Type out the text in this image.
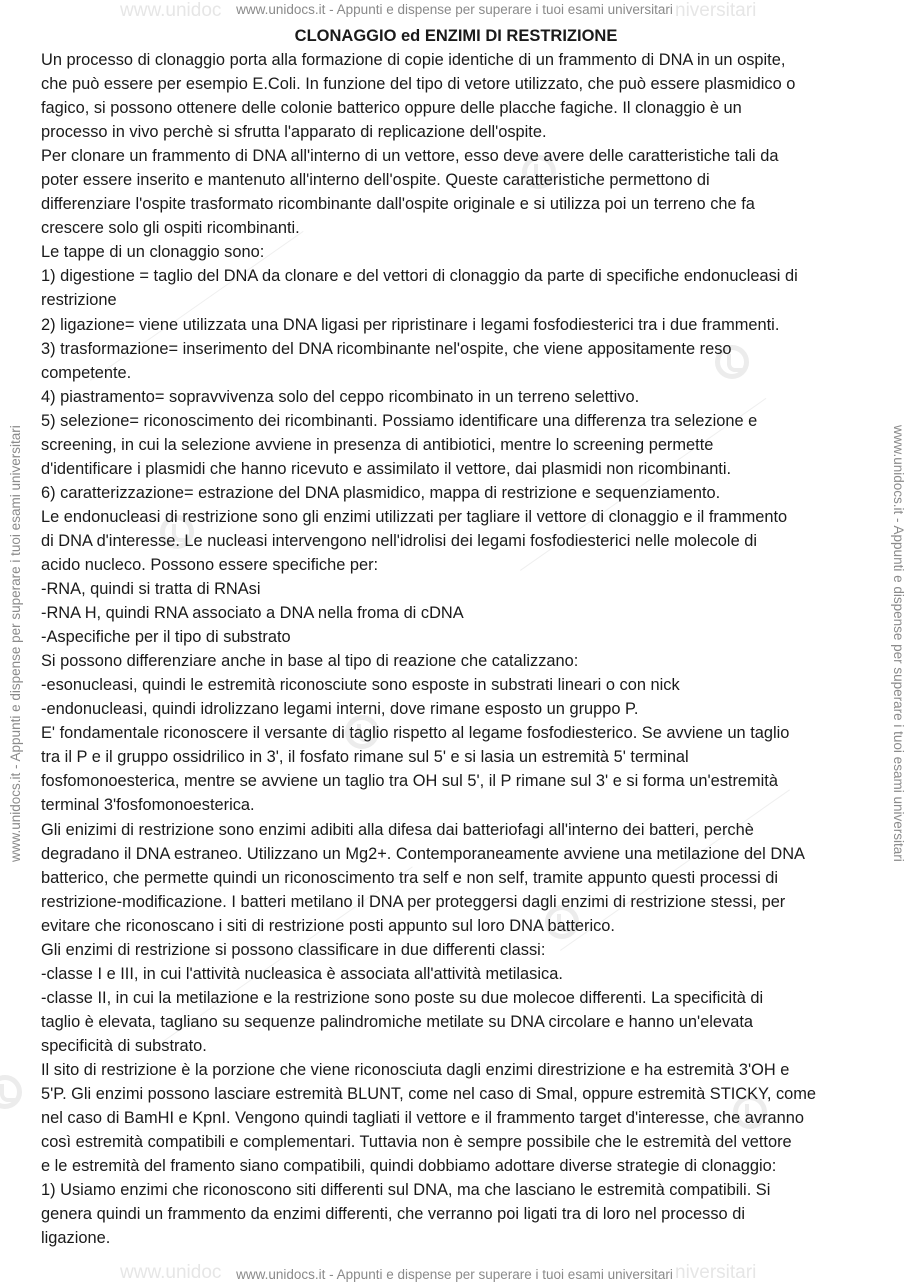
www.unidoc	niversitari
www.unidocs.it - Appunti e dispense per superare i tuoi esami universitari
www.unidocs.it - Appunti e dispense per superare i tuoi esami universitari	www.unidocs.it - Appunti e dispense per superare i tuoi esami universitari
www.unidoc	niversitari
www.unidocs.it - Appunti e dispense per superare i tuoi esami universitari

CLONAGGIO ed ENZIMI DI RESTRIZIONE

Un processo di clonaggio porta alla formazione di copie identiche di un frammento di DNA in un ospite,
che può essere per esempio E.Coli. In funzione del tipo di vetore utilizzato, che può essere plasmidico o
fagico, si possono ottenere delle colonie batterico oppure delle placche fagiche. Il clonaggio è un
processo in vivo perchè si sfrutta l'apparato di replicazione dell'ospite.
Per clonare un frammento di DNA all'interno di un vettore, esso deve avere delle caratteristiche tali da
poter essere inserito e mantenuto all'interno dell'ospite. Queste caratteristiche permettono di
differenziare l'ospite trasformato ricombinante dall'ospite originale e si utilizza poi un terreno che fa
crescere solo gli ospiti ricombinanti.
Le tappe di un clonaggio sono:
1) digestione = taglio del DNA da clonare e del vettori di clonaggio da parte di specifiche endonucleasi di
restrizione
2) ligazione= viene utilizzata una DNA ligasi per ripristinare i legami fosfodiesterici tra i due frammenti.
3) trasformazione= inserimento del DNA ricombinante nel'ospite, che viene appositamente reso
competente.
4) piastramento= sopravvivenza solo del ceppo ricombinato in un terreno selettivo.
5) selezione= riconoscimento dei ricombinanti. Possiamo identificare una differenza tra selezione e
screening, in cui la selezione avviene in presenza di antibiotici, mentre lo screening permette
d'identificare i plasmidi che hanno ricevuto e assimilato il vettore, dai plasmidi non ricombinanti.
6) caratterizzazione= estrazione del DNA plasmidico, mappa di restrizione e sequenziamento.
Le endonucleasi di restrizione sono gli enzimi utilizzati per tagliare il vettore di clonaggio e il frammento
di DNA d'interesse. Le nucleasi intervengono nell'idrolisi dei legami fosfodiesterici nelle molecole di
acido nucleco. Possono essere specifiche per:
-RNA, quindi si tratta di RNAsi
-RNA H, quindi RNA associato a DNA nella froma di cDNA
-Aspecifiche per il tipo di substrato
Si possono differenziare anche in base al tipo di reazione che catalizzano:
-esonucleasi, quindi le estremità riconosciute sono esposte in substrati lineari o con nick
-endonucleasi, quindi idrolizzano legami interni, dove rimane esposto un gruppo P.
E' fondamentale riconoscere il versante di taglio rispetto al legame fosfodiesterico. Se avviene un taglio
tra il P e il gruppo ossidrilico in 3', il fosfato rimane sul 5' e si lasia un estremità 5' terminal
fosfomonoesterica, mentre se avviene un taglio tra OH sul 5', il P rimane sul 3' e si forma un'estremità
terminal 3'fosfomonoesterica.
Gli enizimi di restrizione sono enzimi adibiti alla difesa dai batteriofagi all'interno dei batteri, perchè
degradano il DNA estraneo. Utilizzano un Mg2+. Contemporaneamente avviene una metilazione del DNA
batterico, che permette quindi un riconoscimento tra self e non self, tramite appunto questi processi di
restrizione-modificazione. I batteri metilano il DNA per proteggersi dagli enzimi di restrizione stessi, per
evitare che riconoscano i siti di restrizione posti appunto sul loro DNA batterico.
Gli enzimi di restrizione si possono classificare in due differenti classi:
-classe I e III, in cui l'attività nucleasica è associata all'attività metilasica.
-classe II, in cui la metilazione e la restrizione sono poste su due molecoe differenti. La specificità di
taglio è elevata, tagliano su sequenze palindromiche metilate su DNA circolare e hanno un'elevata
specificità di substrato.
Il sito di restrizione è la porzione che viene riconosciuta dagli enzimi direstrizione e ha estremità 3'OH e
5'P. Gli enzimi possono lasciare estremità BLUNT, come nel caso di Smal, oppure estremità STICKY, come
nel caso di BamHI e KpnI. Vengono quindi tagliati il vettore e il frammento target d'interesse, che avranno
così estremità compatibili e complementari. Tuttavia non è sempre possibile che le estremità del vettore
e le estremità del framento siano compatibili, quindi dobbiamo adottare diverse strategie di clonaggio:
1) Usiamo enzimi che riconoscono siti differenti sul DNA, ma che lasciano le estremità compatibili. Si
genera quindi un frammento da enzimi differenti, che verranno poi ligati tra di loro nel processo di
ligazione.
